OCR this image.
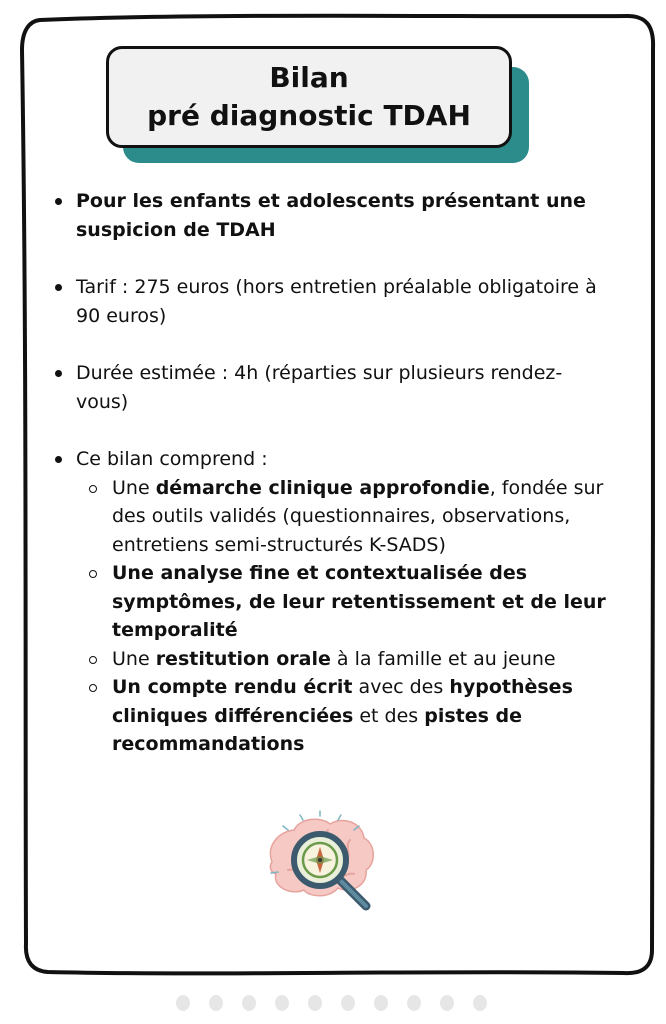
Bilan
pré diagnostic TDAH

Pour les enfants et adolescents présentant une suspicion de TDAH

Tarif : 275 euros (hors entretien préalable obligatoire à 90 euros)

Durée estimée : 4h (réparties sur plusieurs rendez-vous)

Ce bilan comprend :

Une démarche clinique approfondie, fondée sur des outils validés (questionnaires, observations, entretiens semi-structurés K-SADS)

Une analyse fine et contextualisée des symptômes, de leur retentissement et de leur temporalité

Une restitution orale à la famille et au jeune

Un compte rendu écrit avec des hypothèses cliniques différenciées et des pistes de recommandations
